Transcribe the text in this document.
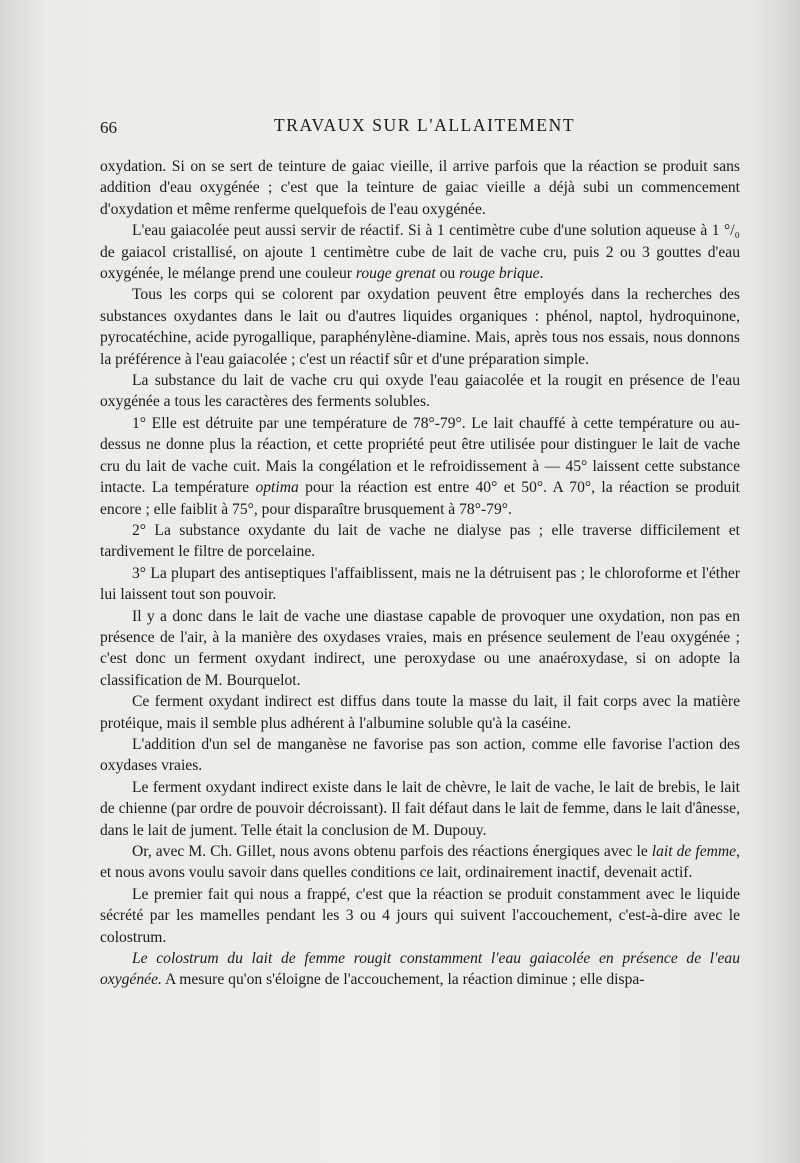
66	TRAVAUX SUR L'ALLAITEMENT

oxydation. Si on se sert de teinture de gaiac vieille, il arrive parfois que la réaction se produit sans addition d'eau oxygénée ; c'est que la teinture de gaiac vieille a déjà subi un commencement d'oxydation et même renferme quelquefois de l'eau oxygénée.

L'eau gaiacolée peut aussi servir de réactif. Si à 1 centimètre cube d'une solution aqueuse à 1 °/₀ de gaiacol cristallisé, on ajoute 1 centimètre cube de lait de vache cru, puis 2 ou 3 gouttes d'eau oxygénée, le mélange prend une couleur rouge grenat ou rouge brique.

Tous les corps qui se colorent par oxydation peuvent être employés dans la recherches des substances oxydantes dans le lait ou d'autres liquides organiques : phénol, naptol, hydroquinone, pyrocatéchine, acide pyrogallique, paraphénylène-diamine. Mais, après tous nos essais, nous donnons la préférence à l'eau gaiacolée ; c'est un réactif sûr et d'une préparation simple.

La substance du lait de vache cru qui oxyde l'eau gaiacolée et la rougit en présence de l'eau oxygénée a tous les caractères des ferments solubles.

1° Elle est détruite par une température de 78°-79°. Le lait chauffé à cette température ou au-dessus ne donne plus la réaction, et cette propriété peut être utilisée pour distinguer le lait de vache cru du lait de vache cuit. Mais la congélation et le refroidissement à — 45° laissent cette substance intacte. La température optima pour la réaction est entre 40° et 50°. A 70°, la réaction se produit encore ; elle faiblit à 75°, pour disparaître brusquement à 78°-79°.

2° La substance oxydante du lait de vache ne dialyse pas ; elle traverse difficilement et tardivement le filtre de porcelaine.

3° La plupart des antiseptiques l'affaiblissent, mais ne la détruisent pas ; le chloroforme et l'éther lui laissent tout son pouvoir.

Il y a donc dans le lait de vache une diastase capable de provoquer une oxydation, non pas en présence de l'air, à la manière des oxydases vraies, mais en présence seulement de l'eau oxygénée ; c'est donc un ferment oxydant indirect, une peroxydase ou une anaéroxydase, si on adopte la classification de M. Bourquelot.

Ce ferment oxydant indirect est diffus dans toute la masse du lait, il fait corps avec la matière protéique, mais il semble plus adhérent à l'albumine soluble qu'à la caséine.

L'addition d'un sel de manganèse ne favorise pas son action, comme elle favorise l'action des oxydases vraies.

Le ferment oxydant indirect existe dans le lait de chèvre, le lait de vache, le lait de brebis, le lait de chienne (par ordre de pouvoir décroissant). Il fait défaut dans le lait de femme, dans le lait d'ânesse, dans le lait de jument. Telle était la conclusion de M. Dupouy.

Or, avec M. Ch. Gillet, nous avons obtenu parfois des réactions énergiques avec le lait de femme, et nous avons voulu savoir dans quelles conditions ce lait, ordinairement inactif, devenait actif.

Le premier fait qui nous a frappé, c'est que la réaction se produit constamment avec le liquide sécrété par les mamelles pendant les 3 ou 4 jours qui suivent l'accouchement, c'est-à-dire avec le colostrum.

Le colostrum du lait de femme rougit constamment l'eau gaiacolée en présence de l'eau oxygénée. A mesure qu'on s'éloigne de l'accouchement, la réaction diminue ; elle dispa-
